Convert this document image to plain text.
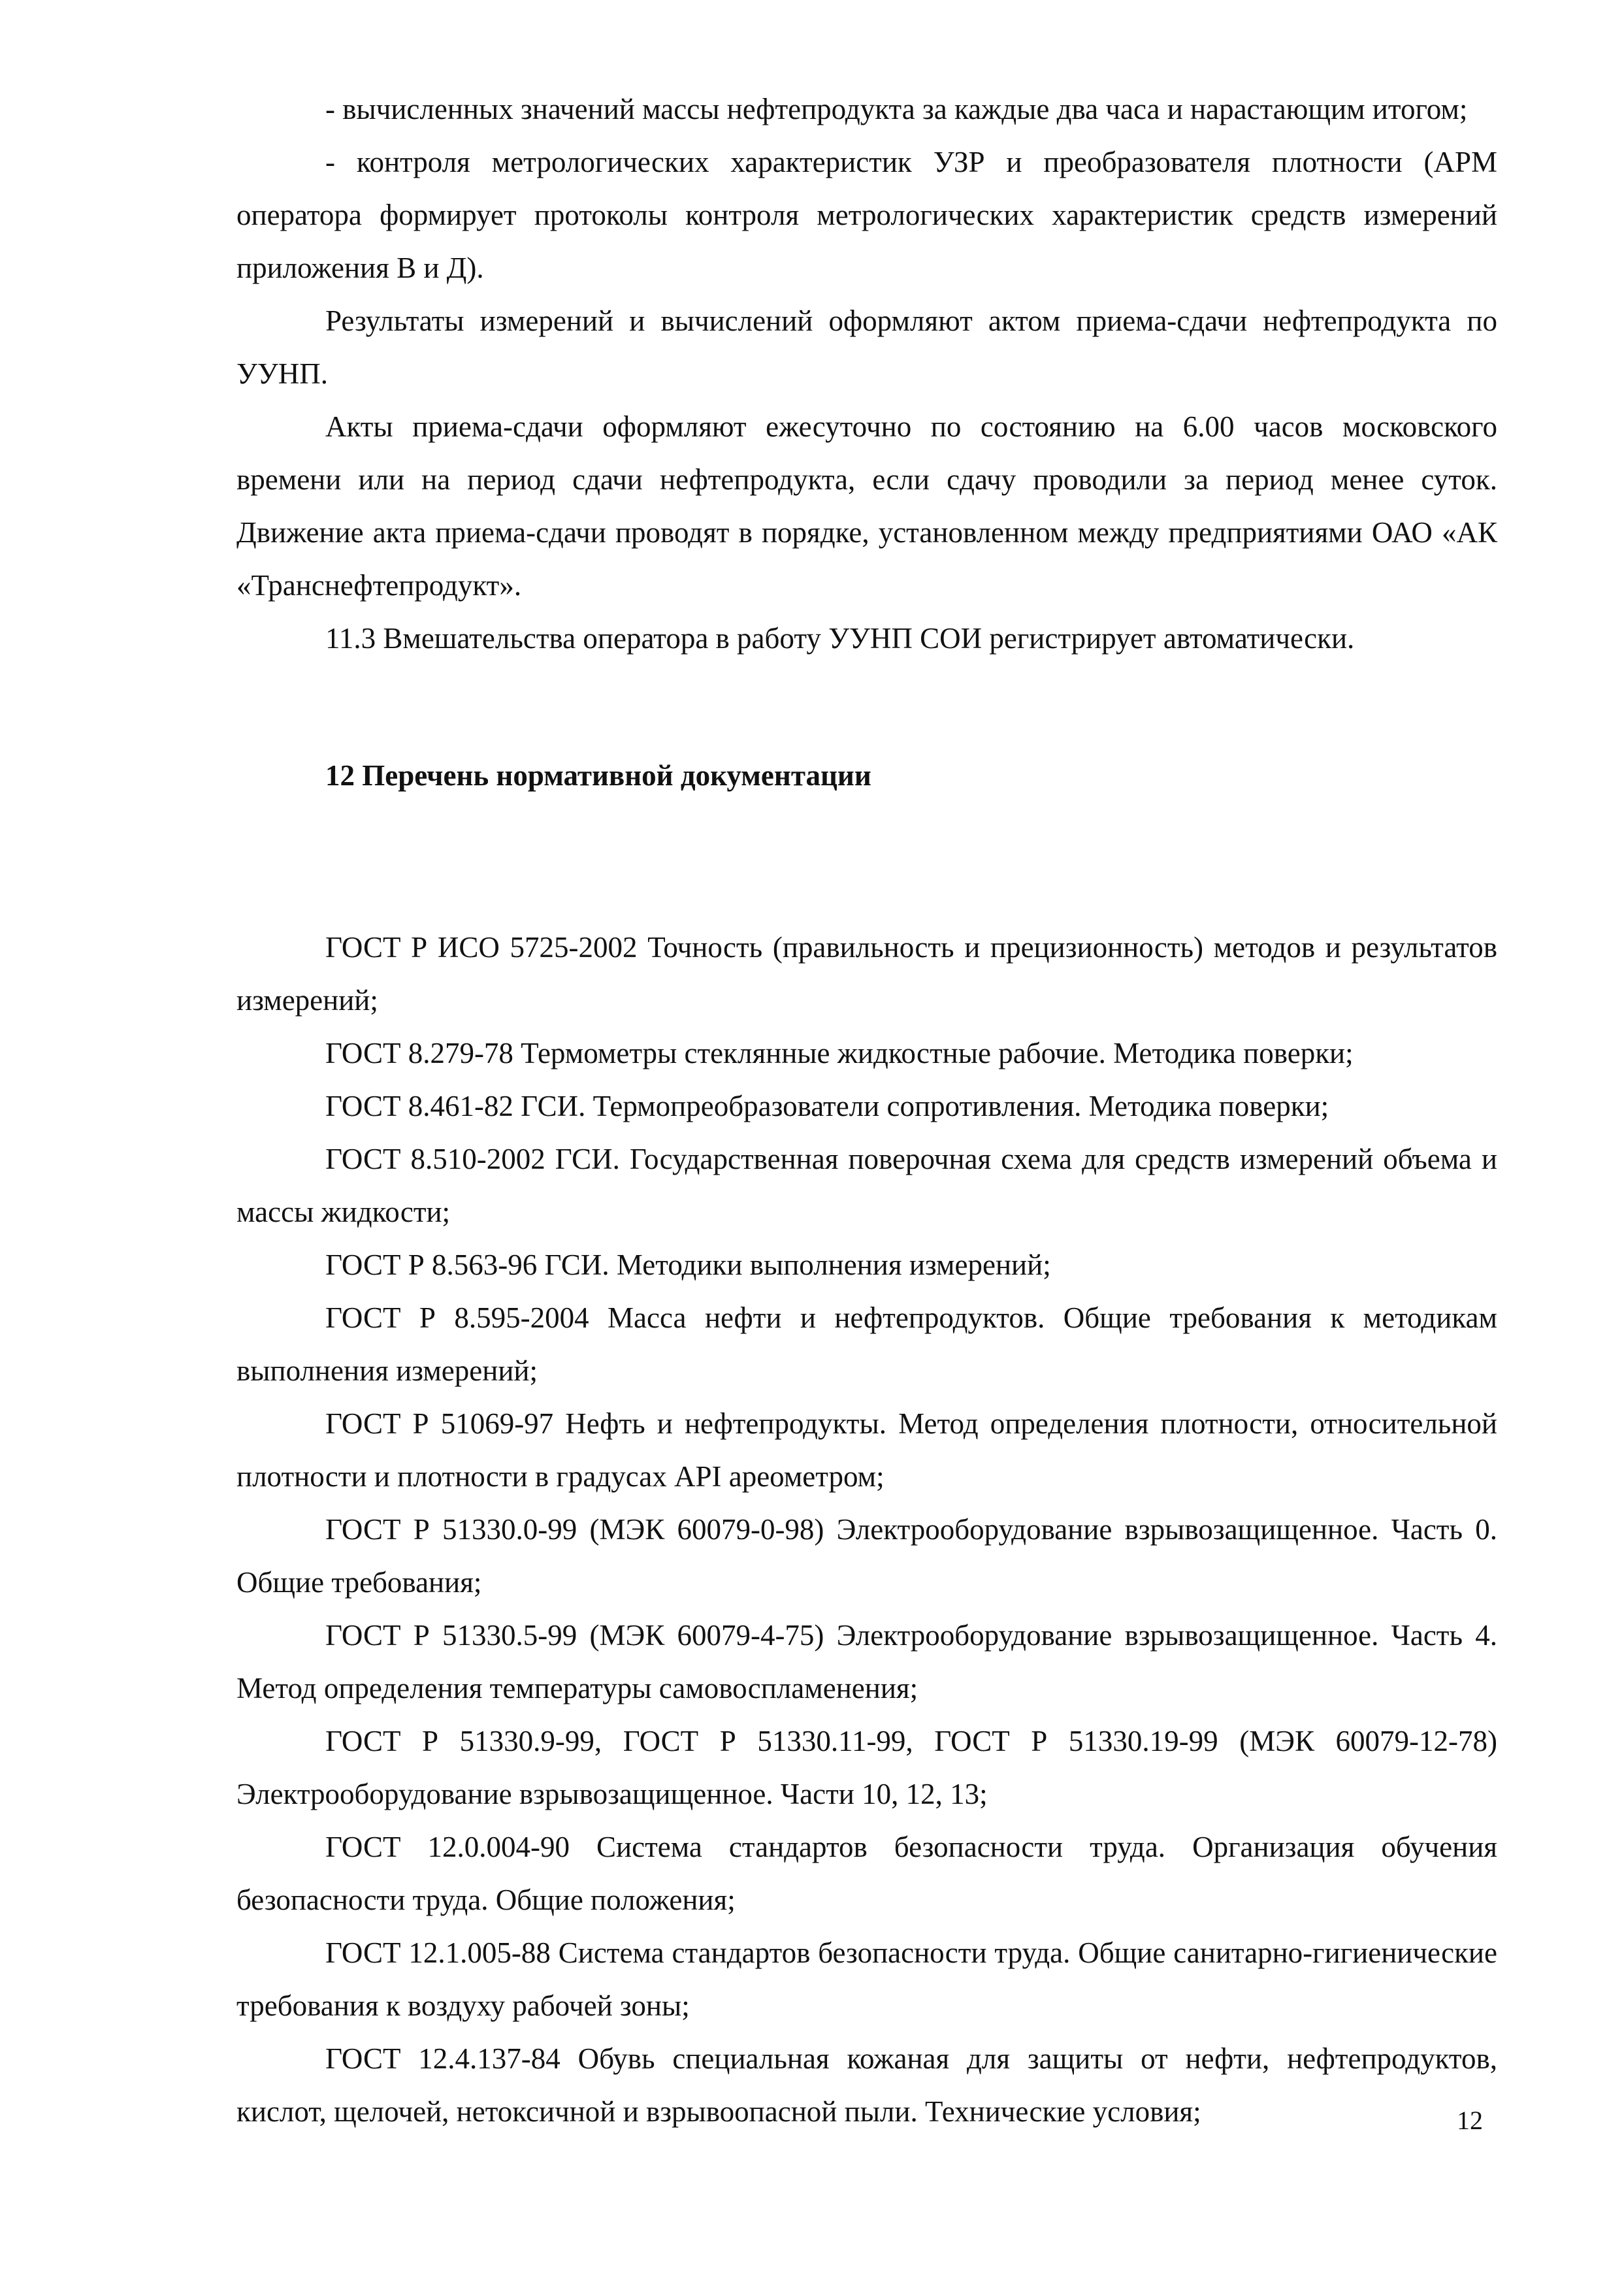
- вычисленных значений массы нефтепродукта за каждые два часа и нарастающим итогом;

- контроля метрологических характеристик УЗР и преобразователя плотности (АРМ оператора формирует протоколы контроля метрологических характеристик средств измерений приложения В и Д).

Результаты измерений и вычислений оформляют актом приема-сдачи нефтепродукта по УУНП.

Акты приема-сдачи оформляют ежесуточно по состоянию на 6.00 часов московского времени или на период сдачи нефтепродукта, если сдачу проводили за период менее суток. Движение акта приема-сдачи проводят в порядке, установленном между предприятиями ОАО «АК «Транснефтепродукт».

11.3 Вмешательства оператора в работу УУНП СОИ регистрирует автоматически.

12 Перечень нормативной документации

ГОСТ Р ИСО 5725-2002 Точность (правильность и прецизионность) методов и результатов измерений;

ГОСТ 8.279-78 Термометры стеклянные жидкостные рабочие. Методика поверки;

ГОСТ 8.461-82 ГСИ. Термопреобразователи сопротивления. Методика поверки;

ГОСТ 8.510-2002 ГСИ. Государственная поверочная схема для средств измерений объема и массы жидкости;

ГОСТ Р 8.563-96 ГСИ. Методики выполнения измерений;

ГОСТ Р 8.595-2004 Масса нефти и нефтепродуктов. Общие требования к методикам выполнения измерений;

ГОСТ Р 51069-97 Нефть и нефтепродукты. Метод определения плотности, относительной плотности и плотности в градусах API ареометром;

ГОСТ Р 51330.0-99 (МЭК 60079-0-98) Электрооборудование взрывозащищенное. Часть 0. Общие требования;

ГОСТ Р 51330.5-99 (МЭК 60079-4-75) Электрооборудование взрывозащищенное. Часть 4. Метод определения температуры самовоспламенения;

ГОСТ Р 51330.9-99, ГОСТ Р 51330.11-99, ГОСТ Р 51330.19-99 (МЭК 60079-12-78) Электрооборудование взрывозащищенное. Части 10, 12, 13;

ГОСТ 12.0.004-90 Система стандартов безопасности труда. Организация обучения безопасности труда. Общие положения;

ГОСТ 12.1.005-88 Система стандартов безопасности труда. Общие санитарно-гигиенические требования к воздуху рабочей зоны;

ГОСТ 12.4.137-84 Обувь специальная кожаная для защиты от нефти, нефтепродуктов, кислот, щелочей, нетоксичной и взрывоопасной пыли. Технические условия;	12
